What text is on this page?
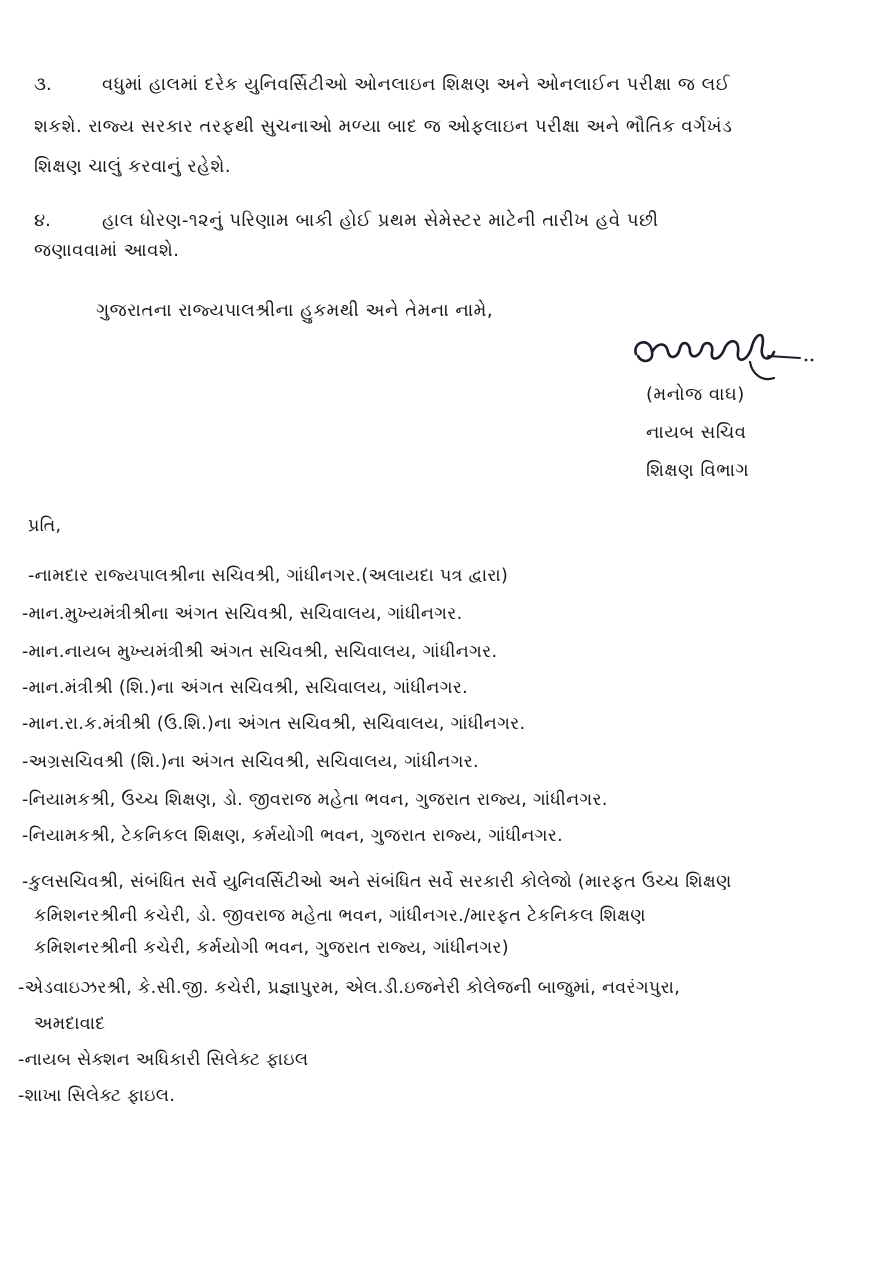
૩.	વધુમાં હાલમાં દરેક યુનિવર્સિટીઓ ઓનલાઇન શિક્ષણ અને ઓનલાઈન પરીક્ષા જ લઈ
શકશે. રાજ્ય સરકાર તરફથી સુચનાઓ મળ્યા બાદ જ ઓફલાઇન પરીક્ષા અને ભૌતિક વર્ગખંડ
શિક્ષણ ચાલું કરવાનું રહેશે.
૪.	હાલ ધોરણ-૧૨નું પરિણામ બાકી હોઈ પ્રથમ સેમેસ્ટર માટેની તારીખ હવે પછી
જણાવવામાં આવશે.
ગુજરાતના રાજ્યપાલશ્રીના હુકમથી અને તેમના નામે,
(મનોજ વાઘ)
નાયબ સચિવ
શિક્ષણ વિભાગ
પ્રતિ,
-નામદાર રાજ્યપાલશ્રીના સચિવશ્રી, ગાંધીનગર.(અલાયદા પત્ર દ્વારા)
-માન.મુખ્યમંત્રીશ્રીના અંગત સચિવશ્રી, સચિવાલય, ગાંધીનગર.
-માન.નાયબ મુખ્યમંત્રીશ્રી અંગત સચિવશ્રી, સચિવાલય, ગાંધીનગર.
-માન.મંત્રીશ્રી (શિ.)ના અંગત સચિવશ્રી, સચિવાલય, ગાંધીનગર.
-માન.રા.ક.મંત્રીશ્રી (ઉ.શિ.)ના અંગત સચિવશ્રી, સચિવાલય, ગાંધીનગર.
-અગ્રસચિવશ્રી (શિ.)ના અંગત સચિવશ્રી, સચિવાલય, ગાંધીનગર.
-નિયામકશ્રી, ઉચ્ચ શિક્ષણ, ડો. જીવરાજ મહેતા ભવન, ગુજરાત રાજ્ય, ગાંધીનગર.
-નિયામકશ્રી, ટેકનિકલ શિક્ષણ, કર્મયોગી ભવન, ગુજરાત રાજ્ય, ગાંધીનગર.
-કુલસચિવશ્રી, સંબંધિત સર્વે યુનિવર્સિટીઓ અને સંબંધિત સર્વે સરકારી કોલેજો (મારફત ઉચ્ચ શિક્ષણ
કમિશનરશ્રીની કચેરી, ડો. જીવરાજ મહેતા ભવન, ગાંધીનગર./મારફત ટેકનિકલ શિક્ષણ
કમિશનરશ્રીની કચેરી, કર્મયોગી ભવન, ગુજરાત રાજ્ય, ગાંધીનગર)
-એડવાઇઝરશ્રી, કે.સી.જી. કચેરી, પ્રજ્ઞાપુરમ, એલ.ડી.ઇજનેરી કોલેજની બાજુમાં, નવરંગપુરા,
અમદાવાદ
-નાયબ સેક્શન અધિકારી સિલેક્ટ ફાઇલ
-શાખા સિલેક્ટ ફાઇલ.
